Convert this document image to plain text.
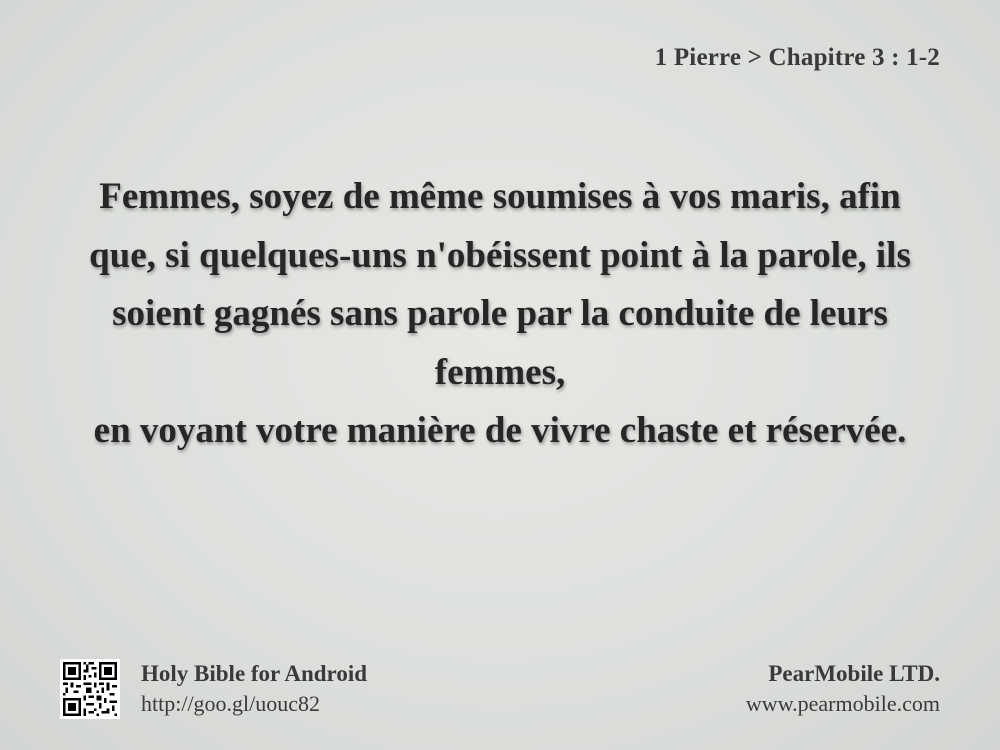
1 Pierre > Chapitre 3 : 1-2

Femmes, soyez de même soumises à vos maris, afin que, si quelques-uns n'obéissent point à la parole, ils soient gagnés sans parole par la conduite de leurs femmes,

en voyant votre manière de vivre chaste et réservée.

Holy Bible for Android
http://goo.gl/uouc82
PearMobile LTD.
www.pearmobile.com
